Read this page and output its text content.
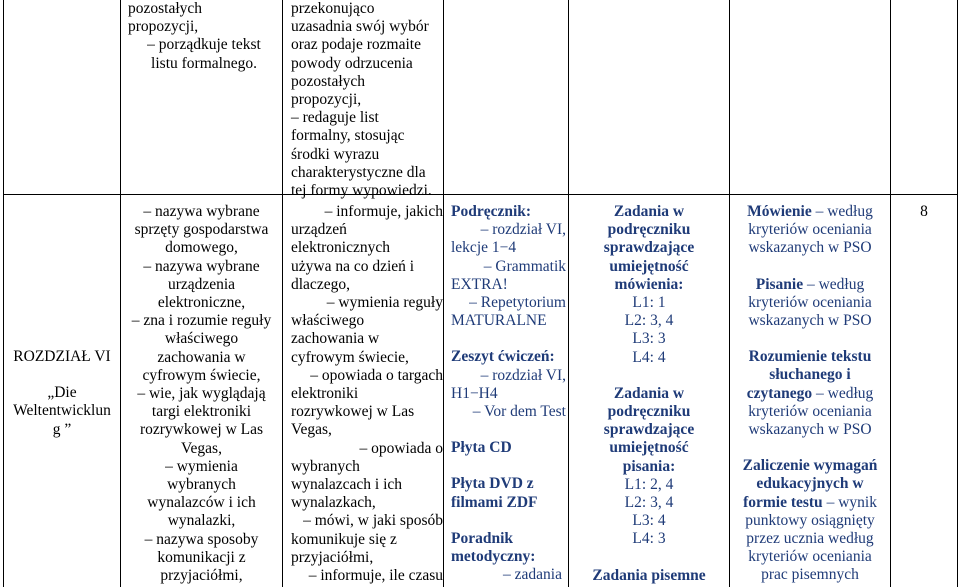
pozostałych

propozycji,

– porządkuje tekst

listu formalnego.

przekonująco

uzasadnia swój wybór

oraz podaje rozmaite

powody odrzucenia

pozostałych

propozycji,

– redaguje list

formalny, stosując

środki wyrazu

charakterystyczne dla

tej formy wypowiedzi.

ROZDZIAŁ VI

„Die

Weltentwicklun

g ”

– nazywa wybrane

sprzęty gospodarstwa

domowego,

– nazywa wybrane

urządzenia

elektroniczne,

– zna i rozumie reguły

właściwego

zachowania w

cyfrowym świecie,

– wie, jak wyglądają

targi elektroniki

rozrywkowej w Las

Vegas,

– wymienia

wybranych

wynalazców i ich

wynalazki,

– nazywa sposoby

komunikacji z

przyjaciółmi,

– informuje, jakich

urządzeń

elektronicznych

używa na co dzień i

dlaczego,

– wymienia reguły

właściwego

zachowania w

cyfrowym świecie,

– opowiada o targach

elektroniki

rozrywkowej w Las

Vegas,

– opowiada o

wybranych

wynalazcach i ich

wynalazkach,

– mówi, w jaki sposób

komunikuje się z

przyjaciółmi,

– informuje, ile czasu

Podręcznik:

– rozdział VI,

lekcje 1−4

– Grammatik

EXTRA!

– Repetytorium

MATURALNE

Zeszyt ćwiczeń:

– rozdział VI,

H1−H4

– Vor dem Test

Płyta CD

Płyta DVD z

filmami ZDF

Poradnik

metodyczny:

– zadania

Zadania w

podręczniku

sprawdzające

umiejętność

mówienia:

L1: 1

L2: 3, 4

L3: 3

L4: 4

Zadania w

podręczniku

sprawdzające

umiejętność

pisania:

L1: 2, 4

L2: 3, 4

L3: 4

L4: 3

Zadania pisemne

Mówienie – według

kryteriów oceniania

wskazanych w PSO

Pisanie – według

kryteriów oceniania

wskazanych w PSO

Rozumienie tekstu

słuchanego i

czytanego – według

kryteriów oceniania

wskazanych w PSO

Zaliczenie wymagań

edukacyjnych w

formie testu – wynik

punktowy osiągnięty

przez ucznia według

kryteriów oceniania

prac pisemnych

8
